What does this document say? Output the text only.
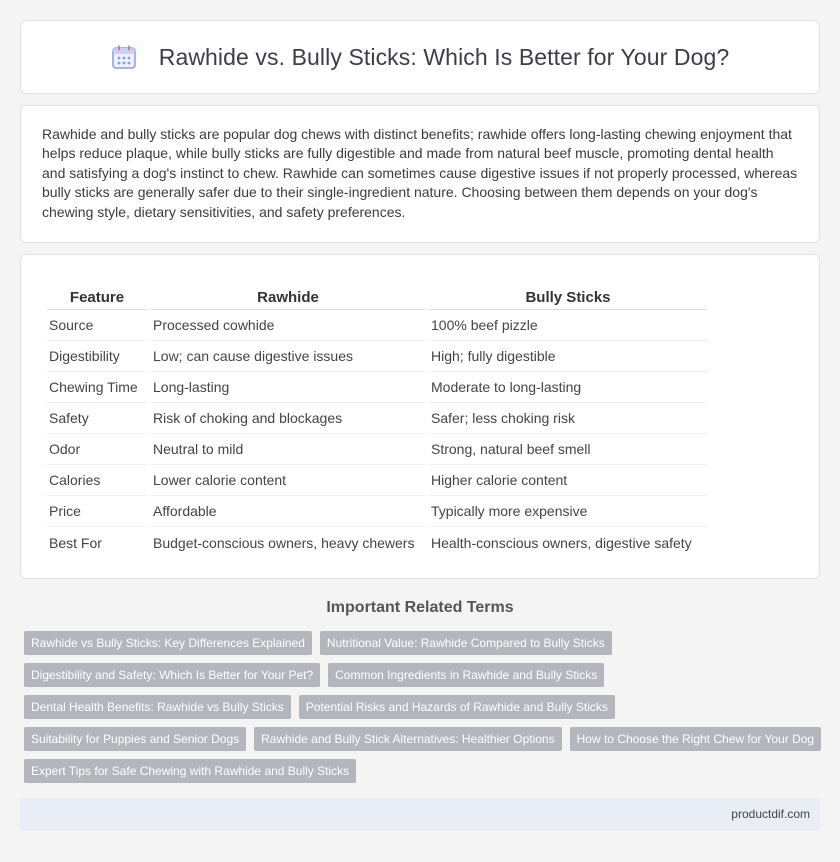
Rawhide vs. Bully Sticks: Which Is Better for Your Dog?

Rawhide and bully sticks are popular dog chews with distinct benefits; rawhide offers long-lasting chewing enjoyment that helps reduce plaque, while bully sticks are fully digestible and made from natural beef muscle, promoting dental health and satisfying a dog's instinct to chew. Rawhide can sometimes cause digestive issues if not properly processed, whereas bully sticks are generally safer due to their single-ingredient nature. Choosing between them depends on your dog's chewing style, dietary sensitivities, and safety preferences.

Feature	Rawhide	Bully Sticks
Source	Processed cowhide	100% beef pizzle
Digestibility	Low; can cause digestive issues	High; fully digestible
Chewing Time	Long-lasting	Moderate to long-lasting
Safety	Risk of choking and blockages	Safer; less choking risk
Odor	Neutral to mild	Strong, natural beef smell
Calories	Lower calorie content	Higher calorie content
Price	Affordable	Typically more expensive
Best For	Budget-conscious owners, heavy chewers	Health-conscious owners, digestive safety
Important Related Terms
Rawhide vs Bully Sticks: Key Differences Explained	Nutritional Value: Rawhide Compared to Bully Sticks
Digestibility and Safety: Which Is Better for Your Pet?	Common Ingredients in Rawhide and Bully Sticks
Dental Health Benefits: Rawhide vs Bully Sticks	Potential Risks and Hazards of Rawhide and Bully Sticks
Suitability for Puppies and Senior Dogs	Rawhide and Bully Stick Alternatives: Healthier Options	How to Choose the Right Chew for Your Dog
Expert Tips for Safe Chewing with Rawhide and Bully Sticks
productdif.com
